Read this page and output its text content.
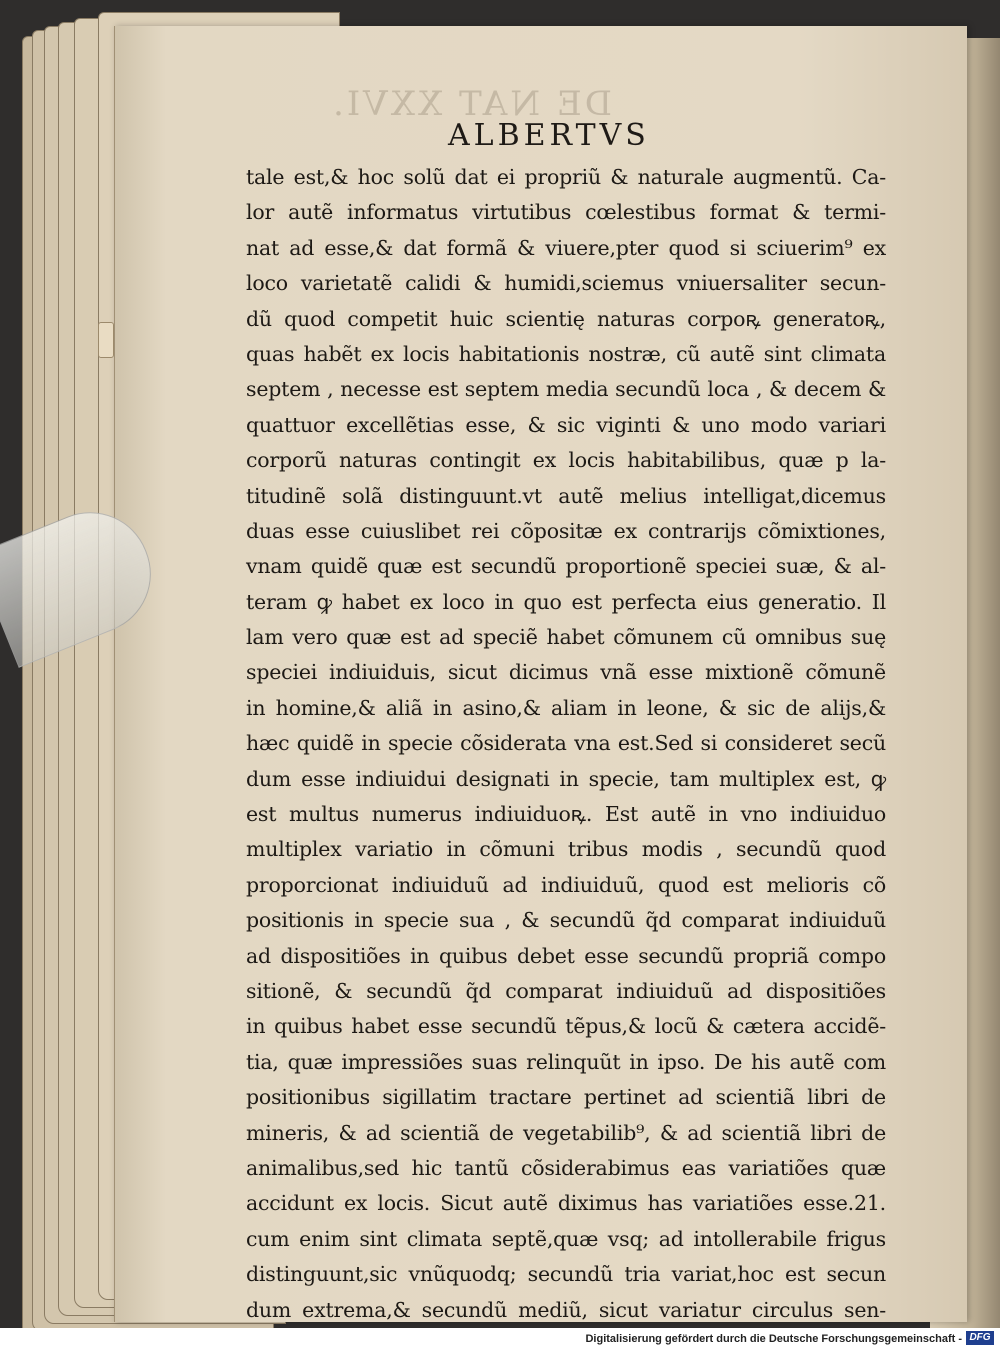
DE NAT XXVI.
ALBERTVS
tale est,& hoc solũ dat ei propriũ & naturale augmentũ. Ca-
lor autẽ informatus virtutibus cœlestibus format & termi-
nat ad esse,& dat formã & viuere,pter quod si sciuerim⁹ ex
loco varietatẽ calidi & humidi,sciemus vniuersaliter secun-
dũ quod competit huic scientię naturas corpoꝶ generatoꝶ,
quas habẽt ex locis habitationis nostræ, cũ autẽ sint climata
septem , necesse est septem media secundũ loca , & decem &
quattuor excellẽtias esse, & sic viginti & uno modo variari
corporũ naturas contingit ex locis habitabilibus, quæ p la-
titudinẽ solã distinguunt.vt autẽ melius intelligat,dicemus
duas esse cuiuslibet rei cõpositæ ex contrarijs cõmixtiones,
vnam quidẽ quæ est secundũ proportionẽ speciei suæ, & al-
teram ꝙ habet ex loco in quo est perfecta eius generatio. Il
lam vero quæ est ad speciẽ habet cõmunem cũ omnibus suę
speciei indiuiduis, sicut dicimus vnã esse mixtionẽ cõmunẽ
in homine,& aliã in asino,& aliam in leone, & sic de alijs,&
hæc quidẽ in specie cõsiderata vna est.Sed si consideret secũ
dum esse indiuidui designati in specie, tam multiplex est, ꝙ
est multus numerus indiuiduoꝶ. Est autẽ in vno indiuiduo
multiplex variatio in cõmuni tribus modis , secundũ quod
proporcionat indiuiduũ ad indiuiduũ, quod est melioris cõ
positionis in specie sua , & secundũ q̃d comparat indiuiduũ
ad dispositiões in quibus debet esse secundũ propriã compo
sitionẽ, & secundũ q̃d comparat indiuiduũ ad dispositiões
in quibus habet esse secundũ tẽpus,& locũ & cætera accidẽ-
tia, quæ impressiões suas relinquũt in ipso. De his autẽ com
positionibus sigillatim tractare pertinet ad scientiã libri de
mineris, & ad scientiã de vegetabilib⁹, & ad scientiã libri de
animalibus,sed hic tantũ cõsiderabimus eas variatiões quæ
accidunt ex locis. Sicut autẽ diximus has variatiões esse.21.
cum enim sint climata septẽ,quæ vsq; ad intollerabile frigus
distinguunt,sic vnũquodq; secundũ tria variat,hoc est secun
dum extrema,& secundũ mediũ, sicut variatur circulus sen-
Digitalisierung gefördert durch die Deutsche Forschungsgemeinschaft - DFG
